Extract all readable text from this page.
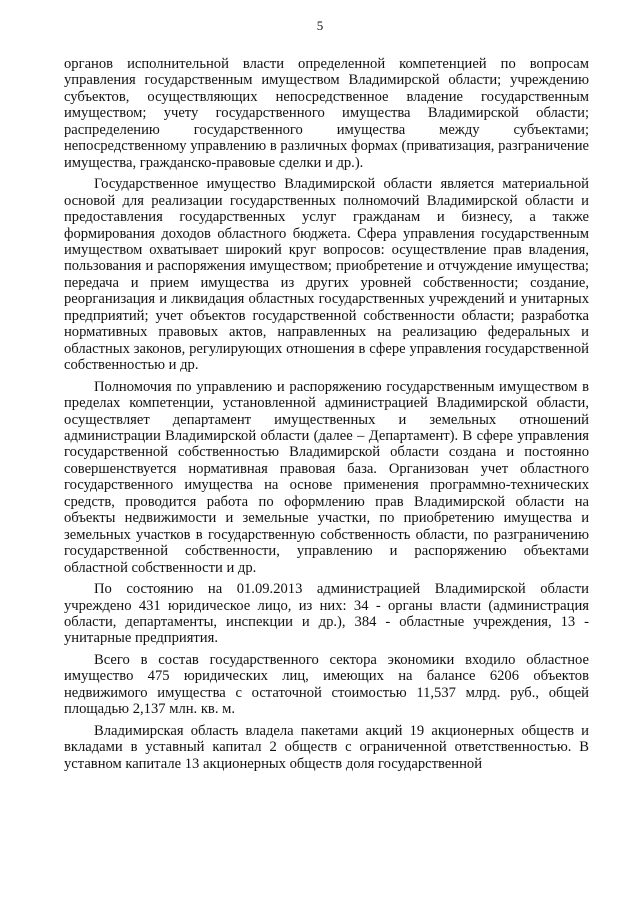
5

органов исполнительной власти определенной компетенцией по вопросам управления государственным имуществом Владимирской области; учреждению субъектов, осуществляющих непосредственное владение государственным имуществом; учету государственного имущества Владимирской области; распределению государственного имущества между субъектами; непосредственному управлению в различных формах (приватизация, разграничение имущества, гражданско-правовые сделки и др.).

Государственное имущество Владимирской области является материальной основой для реализации государственных полномочий Владимирской области и предоставления государственных услуг гражданам и бизнесу, а также формирования доходов областного бюджета. Сфера управления государственным имуществом охватывает широкий круг вопросов: осуществление прав владения, пользования и распоряжения имуществом; приобретение и отчуждение имущества; передача и прием имущества из других уровней собственности; создание, реорганизация и ликвидация областных государственных учреждений и унитарных предприятий; учет объектов государственной собственности области; разработка нормативных правовых актов, направленных на реализацию федеральных и областных законов, регулирующих отношения в сфере управления государственной собственностью и др.

Полномочия по управлению и распоряжению государственным имуществом в пределах компетенции, установленной администрацией Владимирской области, осуществляет департамент имущественных и земельных отношений администрации Владимирской области (далее – Департамент). В сфере управления государственной собственностью Владимирской области создана и постоянно совершенствуется нормативная правовая база. Организован учет областного государственного имущества на основе применения программно-технических средств, проводится работа по оформлению прав Владимирской области на объекты недвижимости и земельные участки, по приобретению имущества и земельных участков в государственную собственность области, по разграничению государственной собственности, управлению и распоряжению объектами областной собственности и др.

По состоянию на 01.09.2013 администрацией Владимирской области учреждено 431 юридическое лицо, из них: 34 - органы власти (администрация области, департаменты, инспекции и др.), 384 - областные учреждения, 13 - унитарные предприятия.

Всего в состав государственного сектора экономики входило областное имущество 475 юридических лиц, имеющих на балансе 6206 объектов недвижимого имущества с остаточной стоимостью 11,537 млрд. руб., общей площадью 2,137 млн. кв. м.

Владимирская область владела пакетами акций 19 акционерных обществ и вкладами в уставный капитал 2 обществ с ограниченной ответственностью. В уставном капитале 13 акционерных обществ доля государственной
